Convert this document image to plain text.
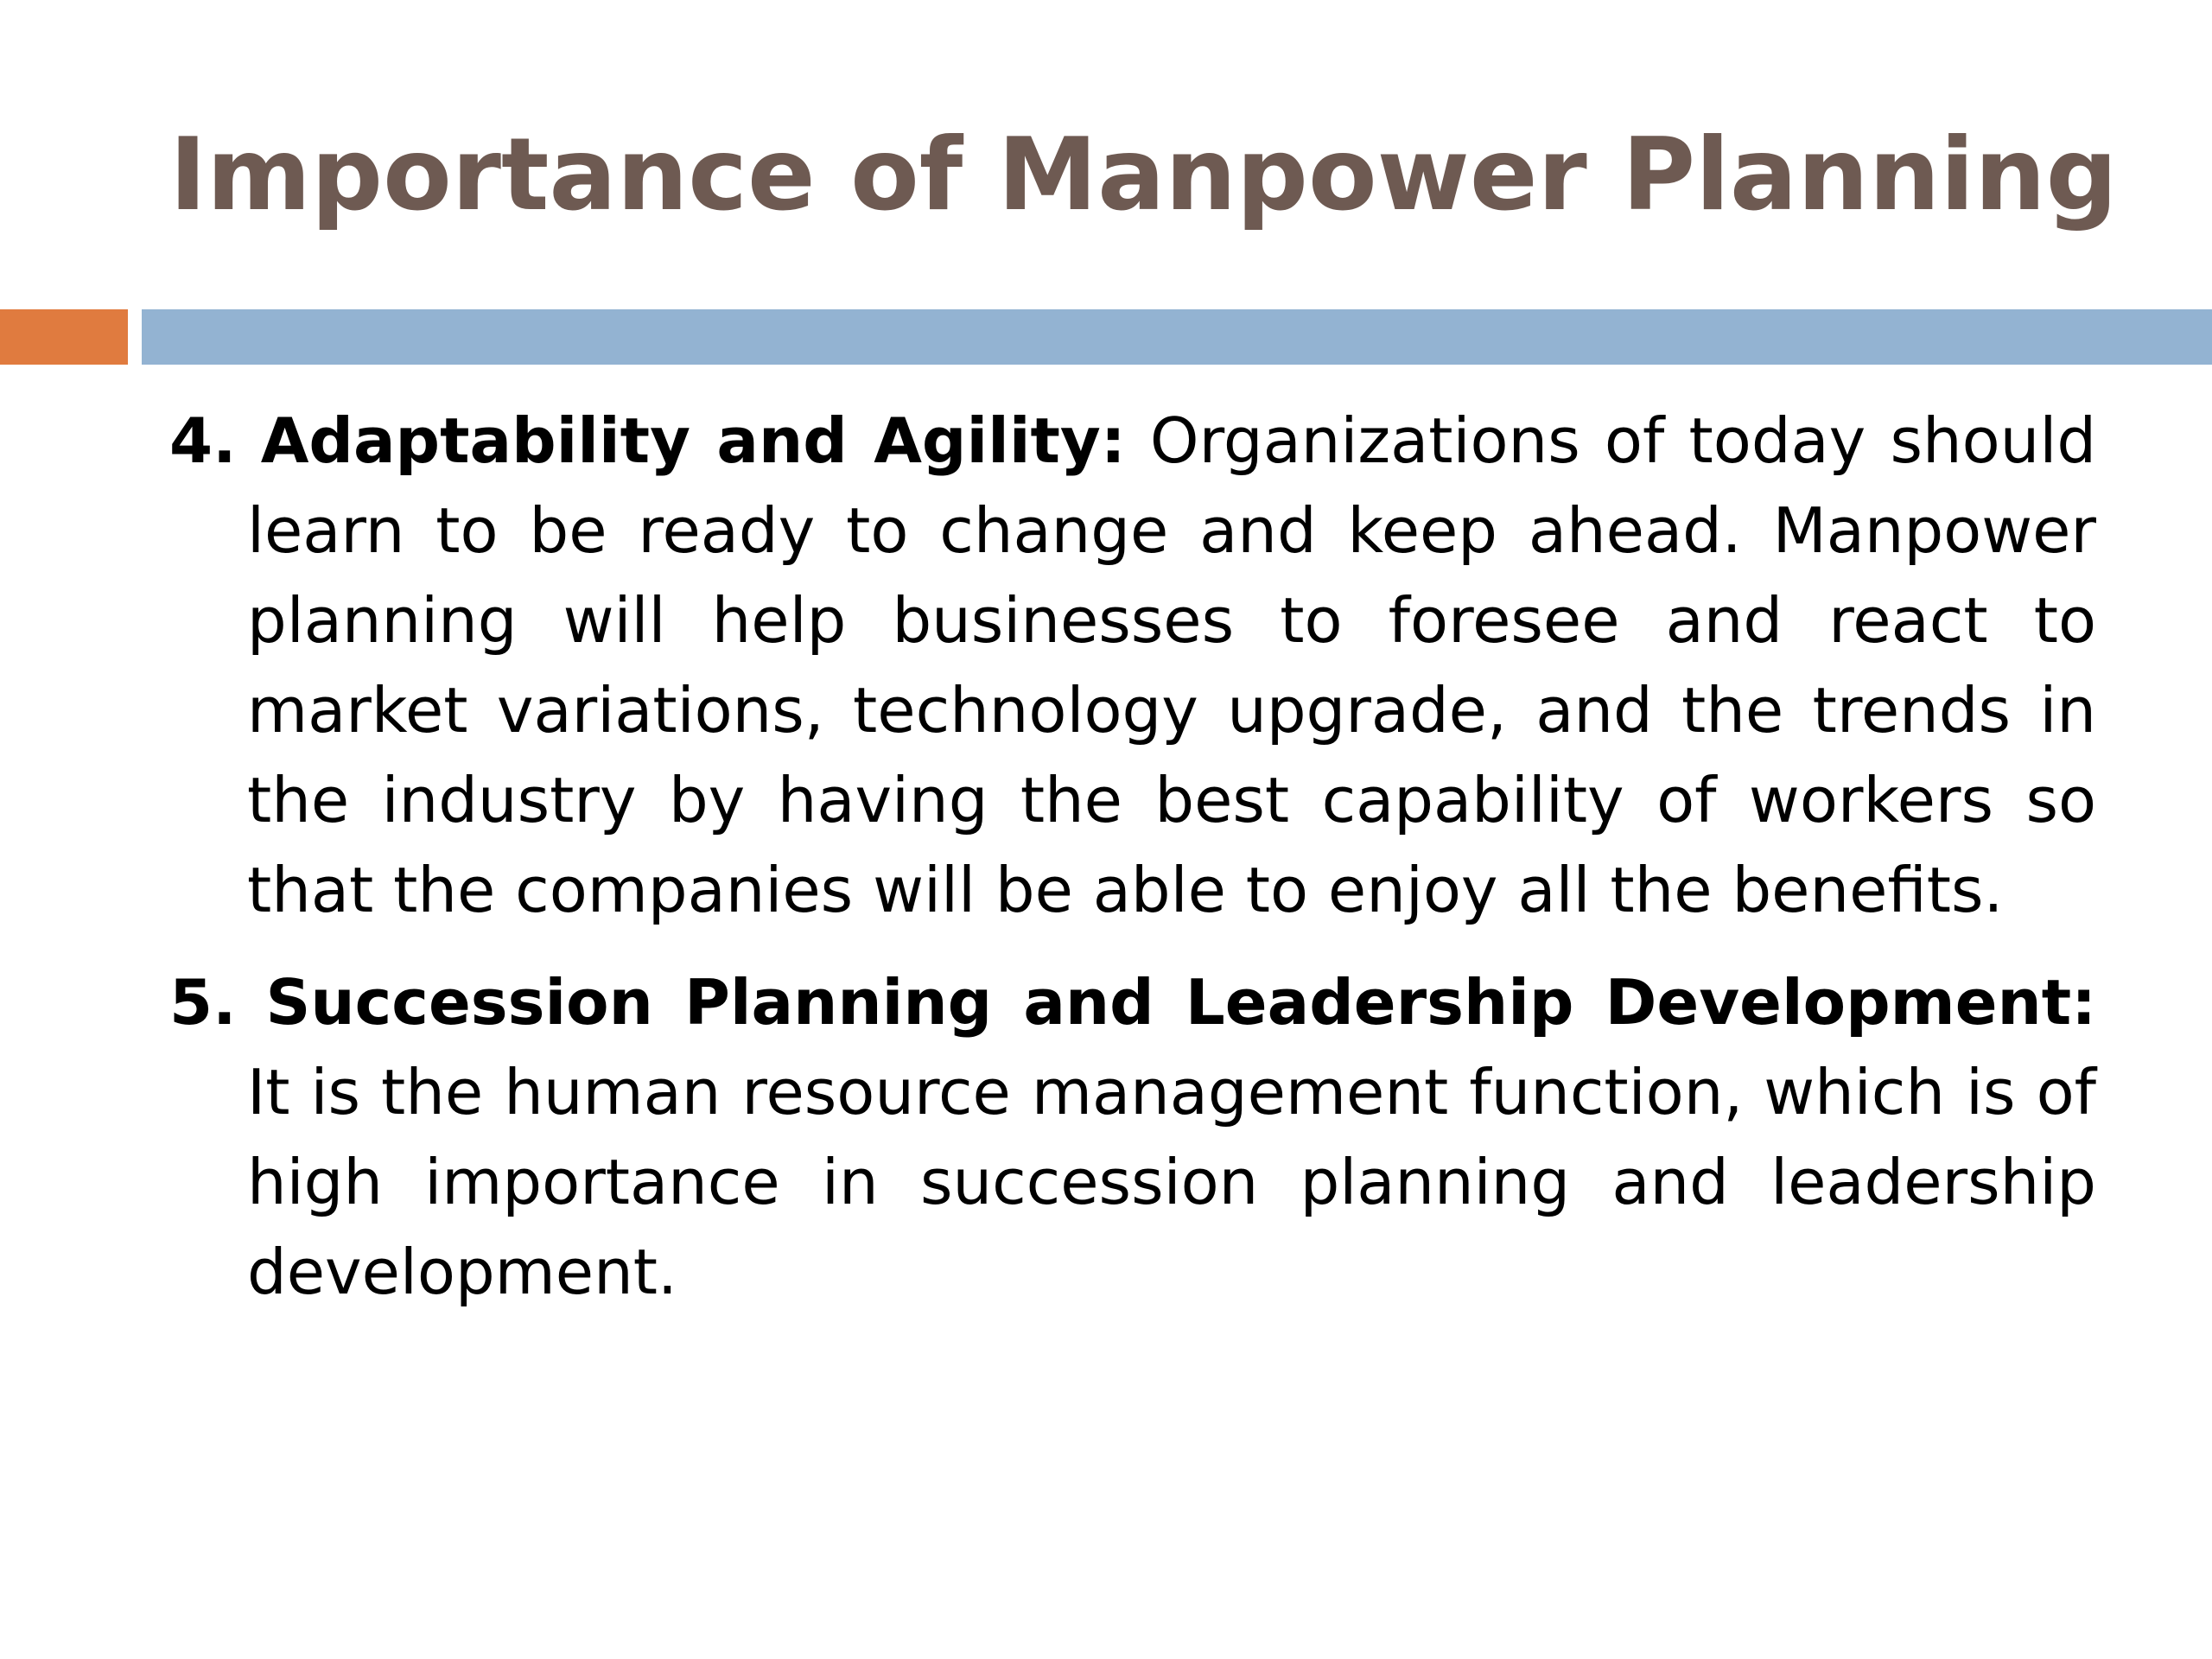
Importance of Manpower Planning

4. Adaptability and Agility: Organizations of today should learn to be ready to change and keep ahead. Manpower planning will help businesses to foresee and react to market variations, technology upgrade, and the trends in the industry by having the best capability of workers so that the companies will be able to enjoy all the benefits.

5. Succession Planning and Leadership Development: It is the human resource management function, which is of high importance in succession planning and leadership development.
